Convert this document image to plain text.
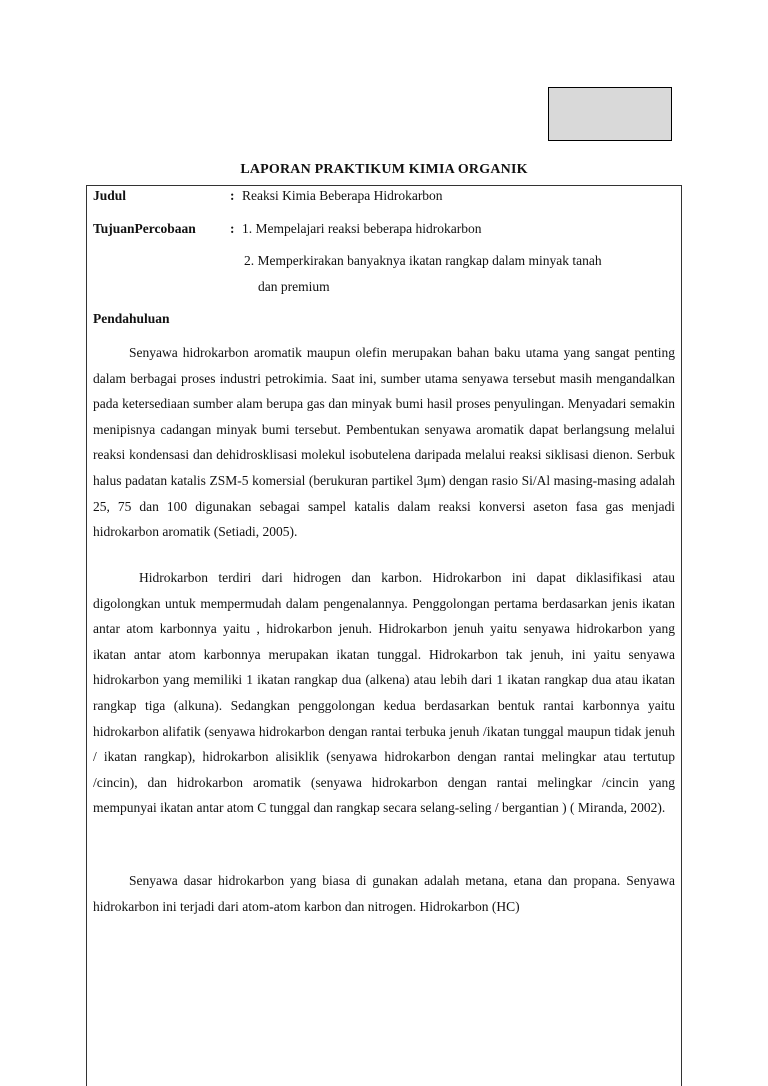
LAPORAN PRAKTIKUM KIMIA ORGANIK
Judul	: Reaksi Kimia Beberapa Hidrokarbon
TujuanPercobaan	: 1. Mempelajari reaksi beberapa hidrokarbon
2. Memperkirakan banyaknya ikatan rangkap dalam minyak tanah
dan premium
Pendahuluan

Senyawa hidrokarbon aromatik maupun olefin merupakan bahan baku utama yang sangat penting dalam berbagai proses industri petrokimia. Saat ini, sumber utama senyawa tersebut masih mengandalkan pada ketersediaan sumber alam berupa gas dan minyak bumi hasil proses penyulingan. Menyadari semakin menipisnya cadangan minyak bumi tersebut. Pembentukan senyawa aromatik dapat berlangsung melalui reaksi kondensasi dan dehidrosklisasi molekul isobutelena daripada melalui reaksi siklisasi dienon. Serbuk halus padatan katalis ZSM-5 komersial (berukuran partikel 3μm) dengan rasio Si/Al masing-masing adalah 25, 75 dan 100 digunakan sebagai sampel katalis dalam reaksi konversi aseton fasa gas menjadi hidrokarbon aromatik (Setiadi, 2005).

Hidrokarbon terdiri dari hidrogen dan karbon. Hidrokarbon ini dapat diklasifikasi atau digolongkan untuk mempermudah dalam pengenalannya. Penggolongan pertama berdasarkan jenis ikatan antar atom karbonnya yaitu , hidrokarbon jenuh. Hidrokarbon jenuh yaitu senyawa hidrokarbon yang ikatan antar atom karbonnya merupakan ikatan tunggal. Hidrokarbon tak jenuh, ini yaitu senyawa hidrokarbon yang memiliki 1 ikatan rangkap dua (alkena) atau lebih dari 1 ikatan rangkap dua atau ikatan rangkap tiga (alkuna). Sedangkan penggolongan kedua berdasarkan bentuk rantai karbonnya yaitu hidrokarbon alifatik (senyawa hidrokarbon dengan rantai terbuka jenuh /ikatan tunggal maupun tidak jenuh / ikatan rangkap), hidrokarbon alisiklik (senyawa hidrokarbon dengan rantai melingkar atau tertutup /cincin), dan hidrokarbon aromatik (senyawa hidrokarbon dengan rantai melingkar /cincin yang mempunyai ikatan antar atom C tunggal dan rangkap secara selang-seling / bergantian ) ( Miranda, 2002).

Senyawa dasar hidrokarbon yang biasa di gunakan adalah metana, etana dan propana. Senyawa hidrokarbon ini terjadi dari atom-atom karbon dan nitrogen. Hidrokarbon (HC)
